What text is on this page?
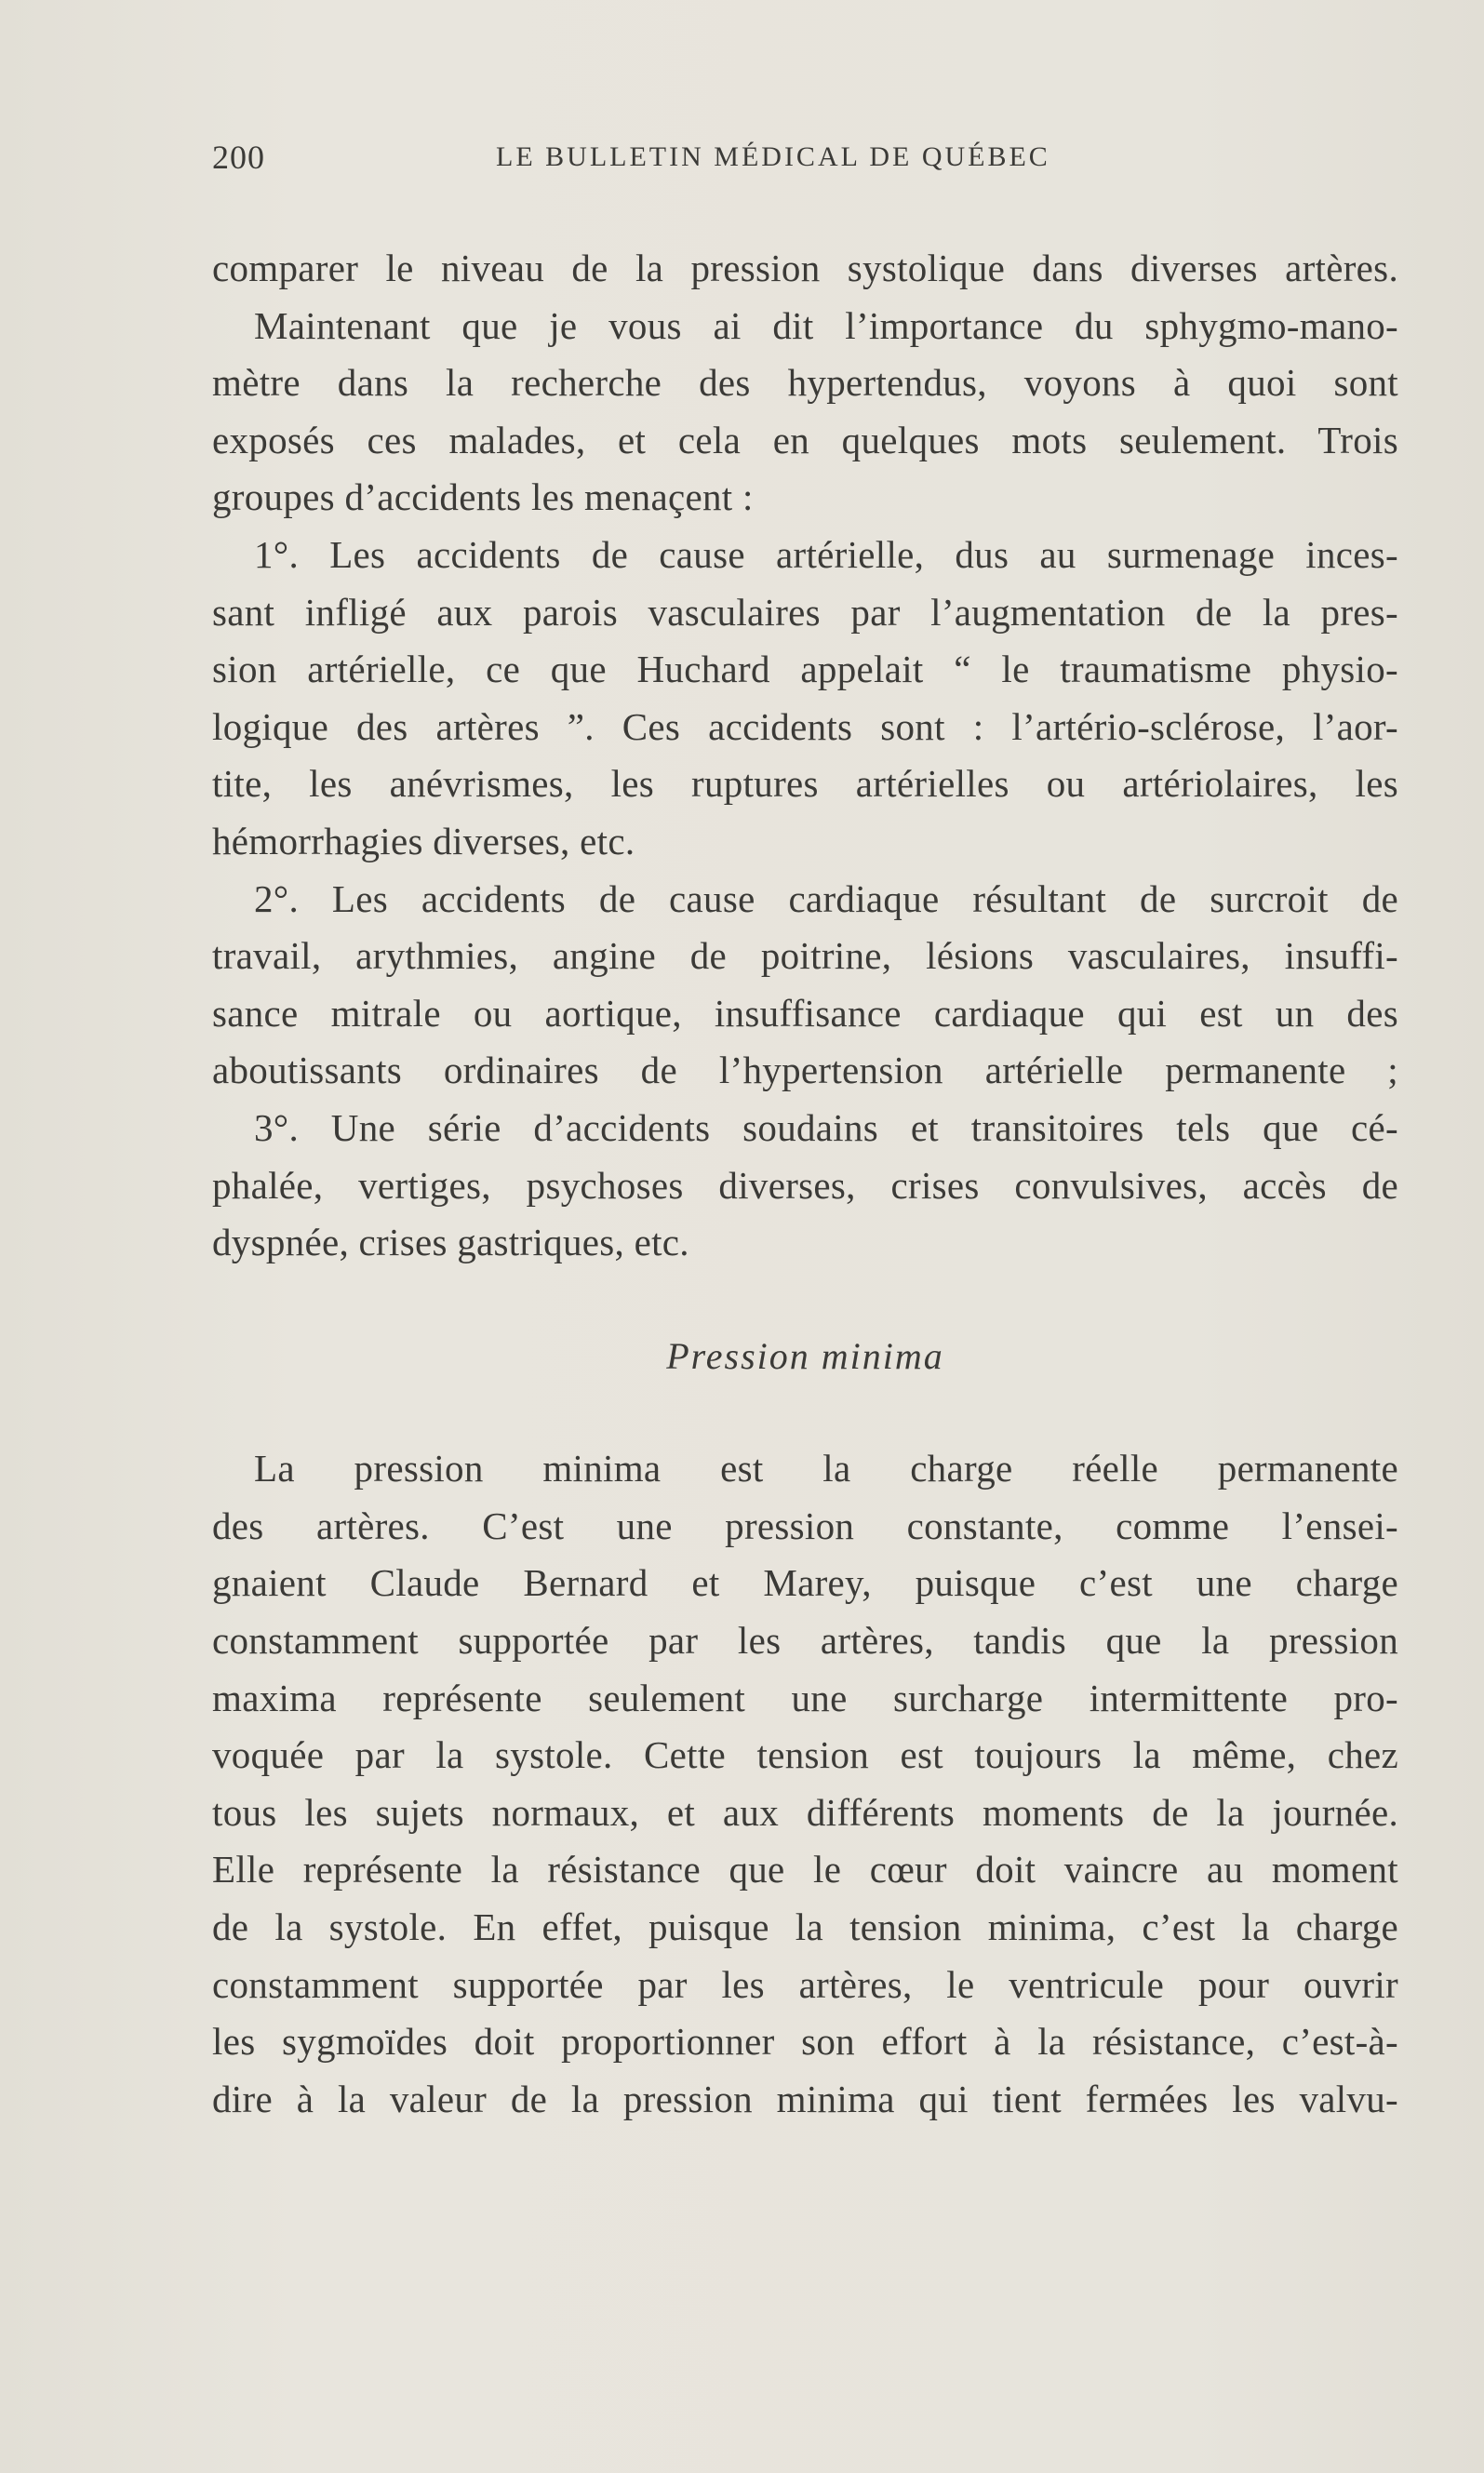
200	LE BULLETIN MÉDICAL DE QUÉBEC
comparer le niveau de la pression systolique dans diverses artères.
Maintenant que je vous ai dit l’importance du sphygmo-mano-
mètre dans la recherche des hypertendus, voyons à quoi sont
exposés ces malades, et cela en quelques mots seulement. Trois
groupes d’accidents les menaçent :
1°. Les accidents de cause artérielle, dus au surmenage inces-
sant infligé aux parois vasculaires par l’augmentation de la pres-
sion artérielle, ce que Huchard appelait “ le traumatisme physio-
logique des artères ”. Ces accidents sont : l’artério-sclérose, l’aor-
tite, les anévrismes, les ruptures artérielles ou artériolaires, les
hémorrhagies diverses, etc.
2°. Les accidents de cause cardiaque résultant de surcroit de
travail, arythmies, angine de poitrine, lésions vasculaires, insuffi-
sance mitrale ou aortique, insuffisance cardiaque qui est un des
aboutissants ordinaires de l’hypertension artérielle permanente ;
3°. Une série d’accidents soudains et transitoires tels que cé-
phalée, vertiges, psychoses diverses, crises convulsives, accès de
dyspnée, crises gastriques, etc.
Pression minima
La pression minima est la charge réelle permanente
des artères. C’est une pression constante, comme l’ensei-
gnaient Claude Bernard et Marey, puisque c’est une charge
constamment supportée par les artères, tandis que la pression
maxima représente seulement une surcharge intermittente pro-
voquée par la systole. Cette tension est toujours la même, chez
tous les sujets normaux, et aux différents moments de la journée.
Elle représente la résistance que le cœur doit vaincre au moment
de la systole. En effet, puisque la tension minima, c’est la charge
constamment supportée par les artères, le ventricule pour ouvrir
les sygmoïdes doit proportionner son effort à la résistance, c’est-à-
dire à la valeur de la pression minima qui tient fermées les valvu-
